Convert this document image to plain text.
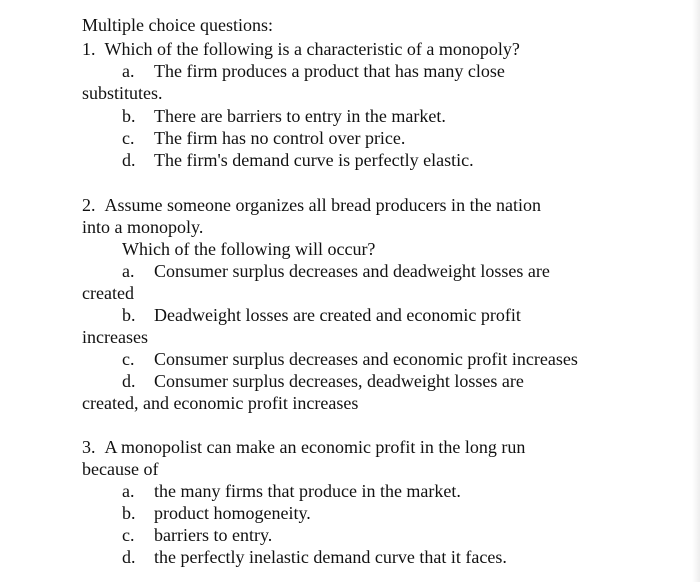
Multiple choice questions:
1. Which of the following is a characteristic of a monopoly?
a. The firm produces a product that has many close
substitutes.
b. There are barriers to entry in the market.
c. The firm has no control over price.
d. The firm's demand curve is perfectly elastic.
2. Assume someone organizes all bread producers in the nation
into a monopoly.
Which of the following will occur?
a. Consumer surplus decreases and deadweight losses are
created
b. Deadweight losses are created and economic profit
increases
c. Consumer surplus decreases and economic profit increases
d. Consumer surplus decreases, deadweight losses are
created, and economic profit increases
3. A monopolist can make an economic profit in the long run
because of
a. the many firms that produce in the market.
b. product homogeneity.
c. barriers to entry.
d. the perfectly inelastic demand curve that it faces.
